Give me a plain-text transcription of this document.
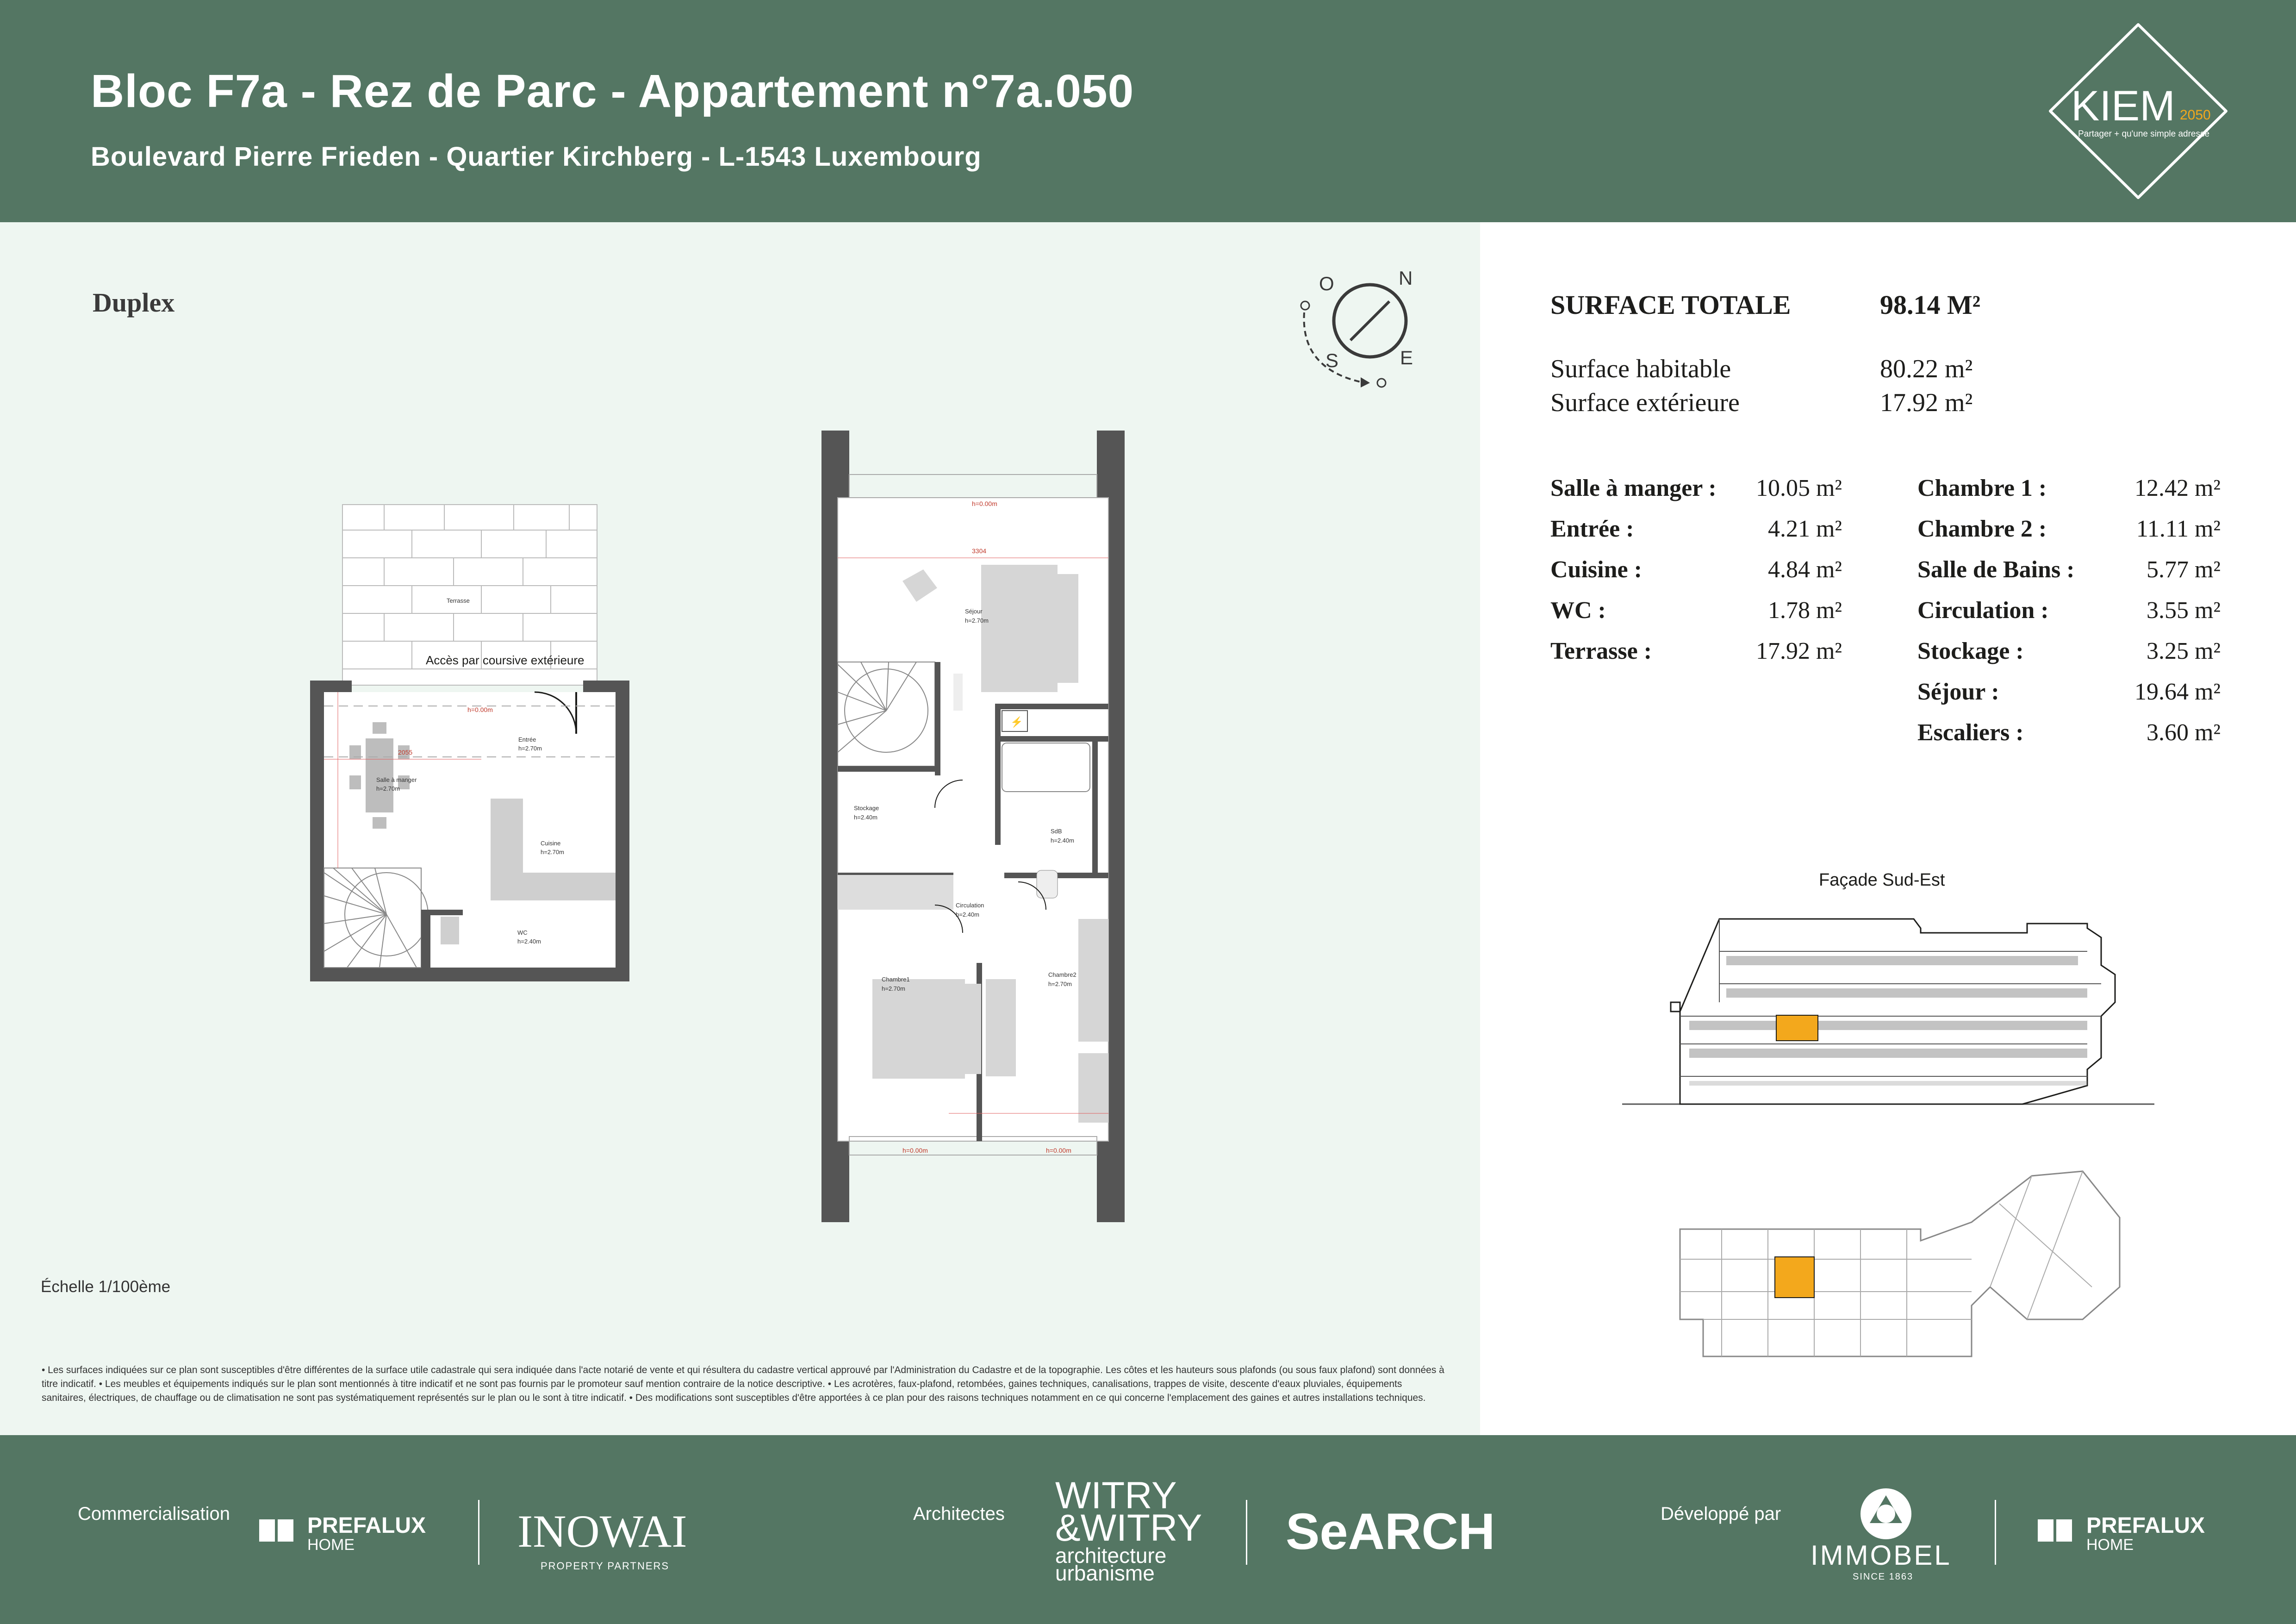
Bloc F7a - Rez de Parc - Appartement n°7a.050
Boulevard Pierre Frieden - Quartier Kirchberg - L-1543 Luxembourg
KIEM 2050
Partager + qu'une simple adresse
Duplex
O	N
S	E
Terrasse
Accès par coursive extérieure
h=0.00m
2055
Salle à manger
h=2.70m
Entrée
h=2.70m
Cuisine
h=2.70m
WC
h=2.40m
⚡
3304
h=0.00m
h=0.00m	h=0.00m
Séjour
h=2.70m
Stockage
h=2.40m
SdB
h=2.40m
Circulation
h=2.40m
Chambre1
h=2.70m
Chambre2
h=2.70m
Échelle 1/100ème
• Les surfaces indiquées sur ce plan sont susceptibles d'être différentes de la surface utile cadastrale qui sera indiquée dans l'acte notarié de vente et qui résultera du cadastre vertical approuvé par l'Administration du Cadastre et de la topographie. Les côtes et les hauteurs sous plafonds (ou sous faux plafond) sont données à titre indicatif. • Les meubles et équipements indiqués sur le plan sont mentionnés à titre indicatif et ne sont pas fournis par le promoteur sauf mention contraire de la notice descriptive. • Les acrotères, faux-plafond, retombées, gaines techniques, canalisations, trappes de visite, descente d'eaux pluviales, équipements sanitaires, électriques, de chauffage ou de climatisation ne sont pas systématiquement représentés sur le plan ou le sont à titre indicatif. • Des modifications sont susceptibles d'être apportées à ce plan pour des raisons techniques notamment en ce qui concerne l'emplacement des gaines et autres installations techniques.
SURFACE TOTALE	98.14 M²
Surface habitable	80.22 m²
Surface extérieure	17.92 m²
Salle à manger : 10.05 m²
Entrée :	4.21 m²
Cuisine :	4.84 m²
WC :	1.78 m²
Terrasse :	17.92 m²
Chambre 1 :	12.42 m²
Chambre 2 :	11.11 m²
Salle de Bains :	5.77 m²
Circulation :	3.55 m²
Stockage :	3.25 m²
Séjour :	19.64 m²
Escaliers :	3.60 m²
Façade Sud-Est
Commercialisation	PREFALUX
HOME	INOWAI
PROPERTY PARTNERS
Architectes WITRY
&WITRY
architecture
urbanisme
SeARCH	Développé par
IMMOBEL
SINCE 1863
PREFALUX
HOME
